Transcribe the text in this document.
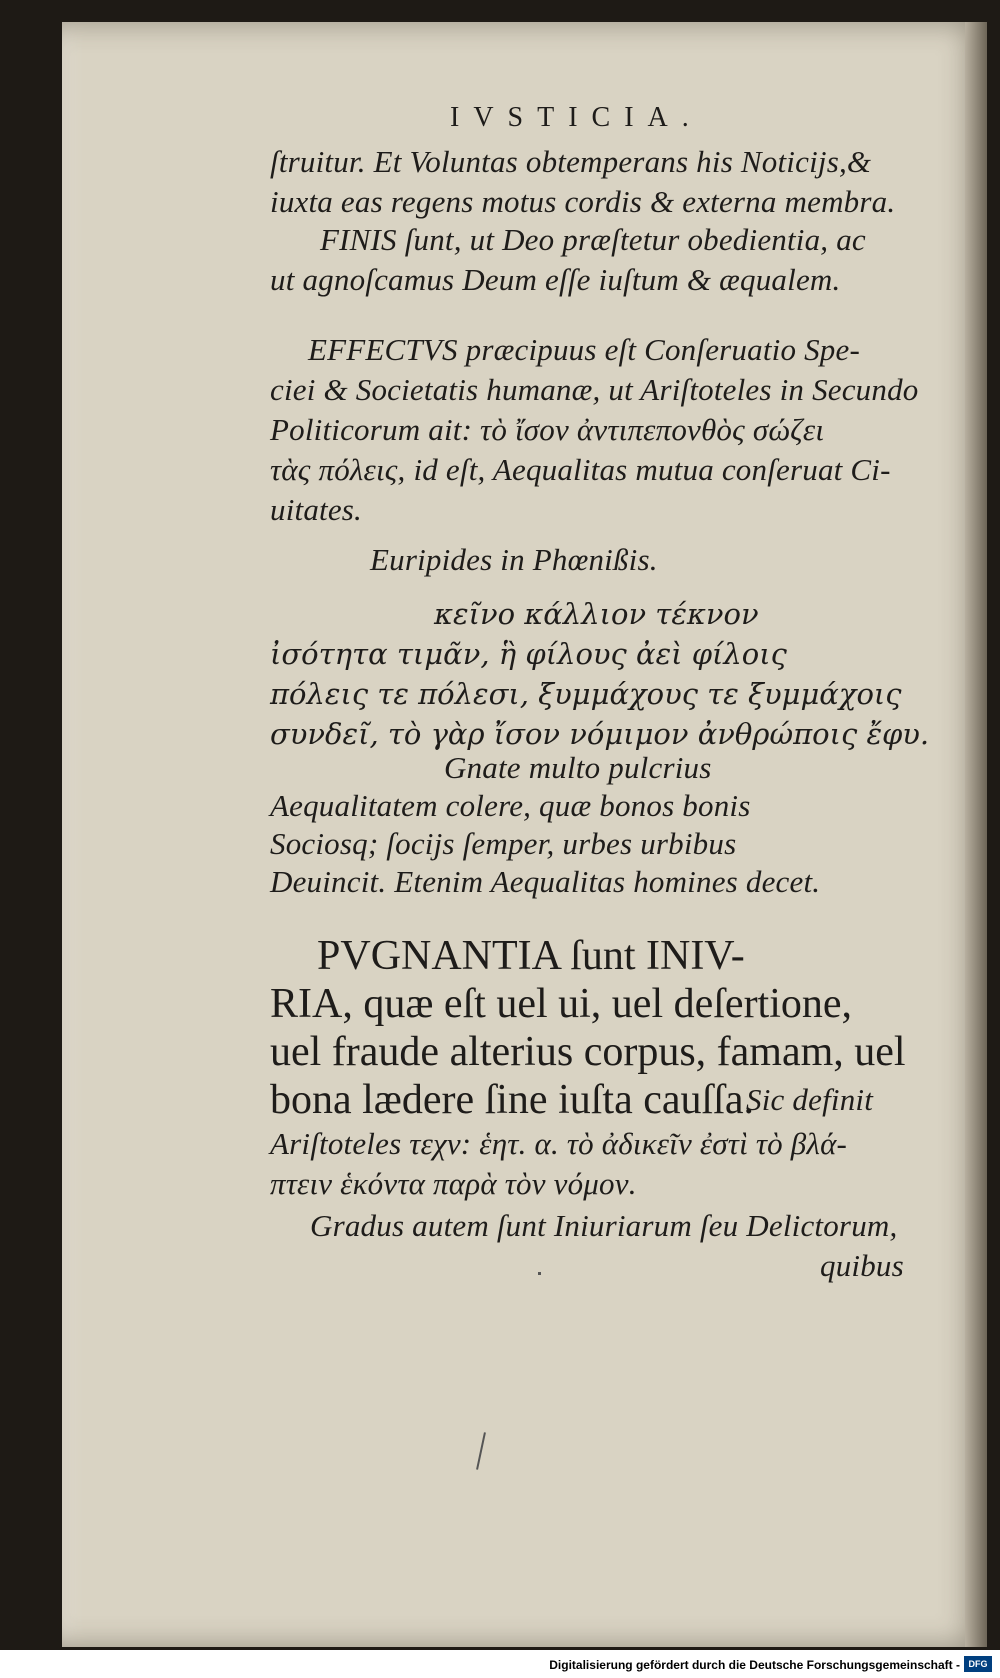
IVSTICIA.
ſtruitur. Et Voluntas obtemperans his Noticijs,&
iuxta eas regens motus cordis & externa membra.
FINIS ſunt, ut Deo præſtetur obedientia, ac
ut agnoſcamus Deum eſſe iuſtum & æqualem.
EFFECTVS præcipuus eſt Conſeruatio Spe-
ciei & Societatis humanæ, ut Ariſtoteles in Secundo
Politicorum ait: τὸ ἴσον ἀντιπεπονθὸς σώζει
τὰς πόλεις, id eſt, Aequalitas mutua conſeruat Ci-
uitates.
Euripides in Phœnißis.
κεῖνο κάλλιον τέκνον
ἰσότητα τιμᾶν, ἣ φίλους ἀεὶ φίλοις
πόλεις τε πόλεσι, ξυμμάχους τε ξυμμάχοις
συνδεῖ, τὸ γὰρ ἴσον νόμιμον ἀνθρώποις ἔφυ.
Gnate multo pulcrius
Aequalitatem colere, quæ bonos bonis
Sociosq; ſocijs ſemper, urbes urbibus
Deuincit. Etenim Aequalitas homines decet.
PVGNANTIA ſunt INIV-
RIA, quæ eſt uel ui, uel deſertione,
uel fraude alterius corpus, famam, uel
bona lædere ſine iuſta cauſſa.
Sic definit
Ariſtoteles τεχν: ἑητ. α. τὸ ἀδικεῖν ἐστὶ τὸ βλά-
πτειν ἑκόντα παρὰ τὸν νόμον.
Gradus autem ſunt Iniuriarum ſeu Delictorum,
quibus
Digitalisierung gefördert durch die Deutsche Forschungsgemeinschaft - DFG
